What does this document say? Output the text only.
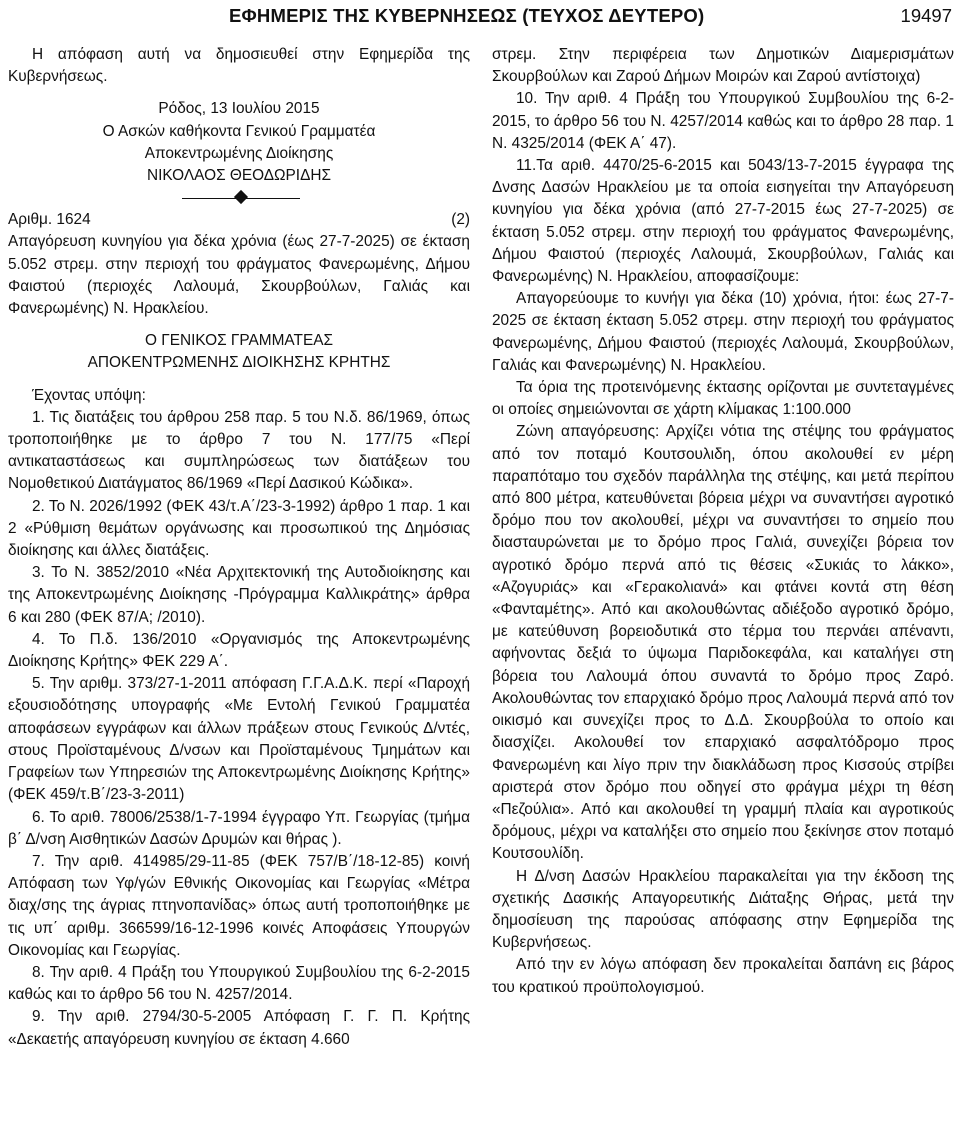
ΕΦΗΜΕΡΙΣ ΤΗΣ ΚΥΒΕΡΝΗΣΕΩΣ (ΤΕΥΧΟΣ ΔΕΥΤΕΡΟ)	19497

Η απόφαση αυτή να δημοσιευθεί στην Εφημερίδα της Κυβερνήσεως.

Ρόδος, 13 Ιουλίου 2015

Ο Ασκών καθήκοντα Γενικού Γραμματέα

Αποκεντρωμένης Διοίκησης

ΝΙΚΟΛΑΟΣ ΘΕΟΔΩΡΙΔΗΣ

Αριθμ. 1624	(2)

Απαγόρευση κυνηγίου για δέκα χρόνια (έως 27-7-2025) σε έκταση 5.052 στρεμ. στην περιοχή του φράγματος Φανερωμένης, Δήμου Φαιστού (περιοχές Λαλουμά, Σκουρβούλων, Γαλιάς και Φανερωμένης) Ν. Ηρακλείου.

Ο ΓΕΝΙΚΟΣ ΓΡΑΜΜΑΤΕΑΣ

ΑΠΟΚΕΝΤΡΩΜΕΝΗΣ ΔΙΟΙΚΗΣΗΣ ΚΡΗΤΗΣ

Έχοντας υπόψη:

1. Τις διατάξεις του άρθρου 258 παρ. 5 του Ν.δ. 86/1969, όπως τροποποιήθηκε με το άρθρο 7 του Ν. 177/75 «Περί αντικαταστάσεως και συμπληρώσεως των διατάξεων του Νομοθετικού Διατάγματος 86/1969 «Περί Δασικού Κώδικα».

2. Το Ν. 2026/1992 (ΦΕΚ 43/τ.Α΄/23-3-1992) άρθρο 1 παρ. 1 και 2 «Ρύθμιση θεμάτων οργάνωσης και προσωπικού της Δημόσιας διοίκησης και άλλες διατάξεις.

3. Το Ν. 3852/2010 «Νέα Αρχιτεκτονική της Αυτοδιοίκησης και της Αποκεντρωμένης Διοίκησης -Πρόγραμμα Καλλικράτης» άρθρα 6 και 280 (ΦΕΚ 87/Α; /2010).

4. Το Π.δ. 136/2010 «Οργανισμός της Αποκεντρωμένης Διοίκησης Κρήτης» ΦΕΚ 229 Α΄.

5. Την αριθμ. 373/27-1-2011 απόφαση Γ.Γ.Α.Δ.Κ. περί «Παροχή εξουσιοδότησης υπογραφής «Με Εντολή Γενικού Γραμματέα αποφάσεων εγγράφων και άλλων πράξεων στους Γενικούς Δ/ντές, στους Προϊσταμένους Δ/νσων και Προϊσταμένους Τμημάτων και Γραφείων των Υπηρεσιών της Αποκεντρωμένης Διοίκησης Κρήτης» (ΦΕΚ 459/τ.Β΄/23-3-2011)

6. Το αριθ. 78006/2538/1-7-1994 έγγραφο Υπ. Γεωργίας (τμήμα β΄ Δ/νση Αισθητικών Δασών Δρυμών και θήρας ).

7. Την αριθ. 414985/29-11-85 (ΦΕΚ 757/Β΄/18-12-85) κοινή Απόφαση των Υφ/γών Εθνικής Οικονομίας και Γεωργίας «Μέτρα διαχ/σης της άγριας πτηνοπανίδας» όπως αυτή τροποποιήθηκε με τις υπ΄ αριθμ. 366599/16-12-1996 κοινές Αποφάσεις Υπουργών Οικονομίας και Γεωργίας.

8. Την αριθ. 4 Πράξη του Υπουργικού Συμβουλίου της 6-2-2015 καθώς και το άρθρο 56 του Ν. 4257/2014.

9. Την αριθ. 2794/30-5-2005 Απόφαση Γ. Γ. Π. Κρήτης «Δεκαετής απαγόρευση κυνηγίου σε έκταση 4.660

στρεμ. Στην περιφέρεια των Δημοτικών Διαμερισμάτων Σκουρβούλων και Ζαρού Δήμων Μοιρών και Ζαρού αντίστοιχα)

10. Την αριθ. 4 Πράξη του Υπουργικού Συμβουλίου της 6-2-2015, το άρθρο 56 του Ν. 4257/2014 καθώς και το άρθρο 28 παρ. 1 Ν. 4325/2014 (ΦΕΚ Α΄ 47).

11.Τα αριθ. 4470/25-6-2015 και 5043/13-7-2015 έγγραφα της Δνσης Δασών Ηρακλείου με τα οποία εισηγείται την Απαγόρευση κυνηγίου για δέκα χρόνια (από 27-7-2015 έως 27-7-2025) σε έκταση 5.052 στρεμ. στην περιοχή του φράγματος Φανερωμένης, Δήμου Φαιστού (περιοχές Λαλουμά, Σκουρβούλων, Γαλιάς και Φανερωμένης) Ν. Ηρακλείου, αποφασίζουμε:

Απαγορεύουμε το κυνήγι για δέκα (10) χρόνια, ήτοι: έως 27-7-2025 σε έκταση έκταση 5.052 στρεμ. στην περιοχή του φράγματος Φανερωμένης, Δήμου Φαιστού (περιοχές Λαλουμά, Σκουρβούλων, Γαλιάς και Φανερωμένης) Ν. Ηρακλείου.

Τα όρια της προτεινόμενης έκτασης ορίζονται με συντεταγμένες οι οποίες σημειώνονται σε χάρτη κλίμακας 1:100.000

Ζώνη απαγόρευσης: Αρχίζει νότια της στέψης του φράγματος από τον ποταμό Κουτσουλιδη, όπου ακολουθεί εν μέρη παραπόταμο του σχεδόν παράλληλα της στέψης, και μετά περίπου από 800 μέτρα, κατευθύνεται βόρεια μέχρι να συναντήσει αγροτικό δρόμο που τον ακολουθεί, μέχρι να συναντήσει το σημείο που διασταυρώνεται με το δρόμο προς Γαλιά, συνεχίζει βόρεια τον αγροτικό δρόμο περνά από τις θέσεις «Συκιάς το λάκκο», «Αζογυριάς» και «Γερακολιανά» και φτάνει κοντά στη θέση «Φανταμέτης». Από και ακολουθώντας αδιέξοδο αγροτικό δρόμο, με κατεύθυνση βορειοδυτικά στο τέρμα του περνάει απέναντι, αφήνοντας δεξιά το ύψωμα Παριδοκεφάλα, και καταλήγει στη βόρεια του Λαλουμά όπου συναντά το δρόμο προς Ζαρό. Ακολουθώντας τον επαρχιακό δρόμο προς Λαλουμά περνά από τον οικισμό και συνεχίζει προς το Δ.Δ. Σκουρβούλα το οποίο και διασχίζει. Ακολουθεί τον επαρχιακό ασφαλτόδρομο προς Φανερωμένη και λίγο πριν την διακλάδωση προς Κισσούς στρίβει αριστερά στον δρόμο που οδηγεί στο φράγμα μέχρι τη θέση «Πεζούλια». Από και ακολουθεί τη γραμμή πλαία και αγροτικούς δρόμους, μέχρι να καταλήξει στο σημείο που ξεκίνησε στον ποταμό Κουτσουλίδη.

Η Δ/νση Δασών Ηρακλείου παρακαλείται για την έκδοση της σχετικής Δασικής Απαγορευτικής Διάταξης Θήρας, μετά την δημοσίευση της παρούσας απόφασης στην Εφημερίδα της Κυβερνήσεως.

Από την εν λόγω απόφαση δεν προκαλείται δαπάνη εις βάρος του κρατικού προϋπολογισμού.
